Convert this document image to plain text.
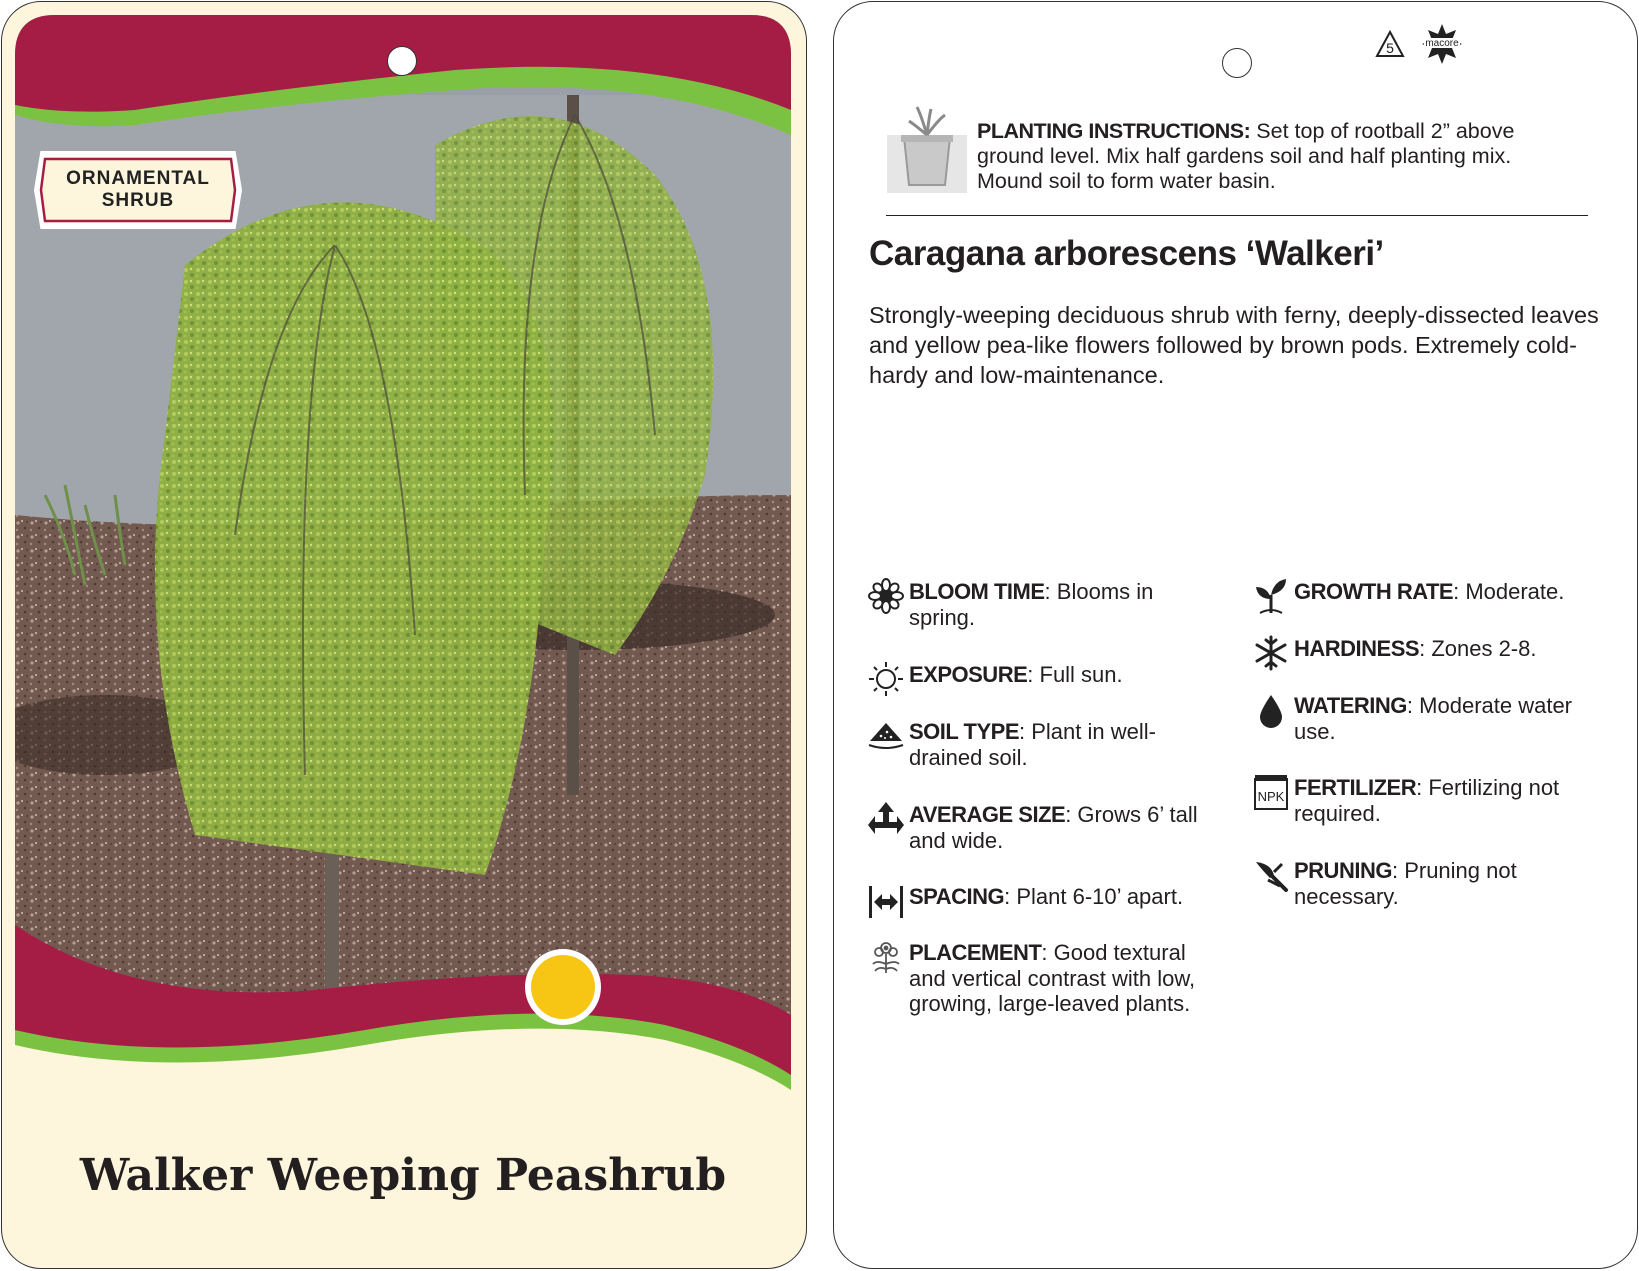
ORNAMENTAL
SHRUB
Walker Weeping Peashrub
5	macore
PLANTING INSTRUCTIONS: Set top of rootball 2” above ground level. Mix half gardens soil and half planting mix. Mound soil to form water basin.
Caragana arborescens ‘Walkeri’
Strongly-weeping deciduous shrub with ferny, deeply-dissected leaves and yellow pea-like flowers followed by brown pods. Extremely cold-hardy and low-maintenance.
BLOOM TIME: Blooms in spring.
EXPOSURE: Full sun.
SOIL TYPE: Plant in well-drained soil.
AVERAGE SIZE: Grows 6’ tall and wide.
SPACING: Plant 6-10’ apart.
PLACEMENT: Good textural and vertical contrast with low, growing, large-leaved plants.
GROWTH RATE: Moderate.
HARDINESS: Zones 2-8.
WATERING: Moderate water use.
NPK FERTILIZER: Fertilizing not required.
PRUNING: Pruning not necessary.
